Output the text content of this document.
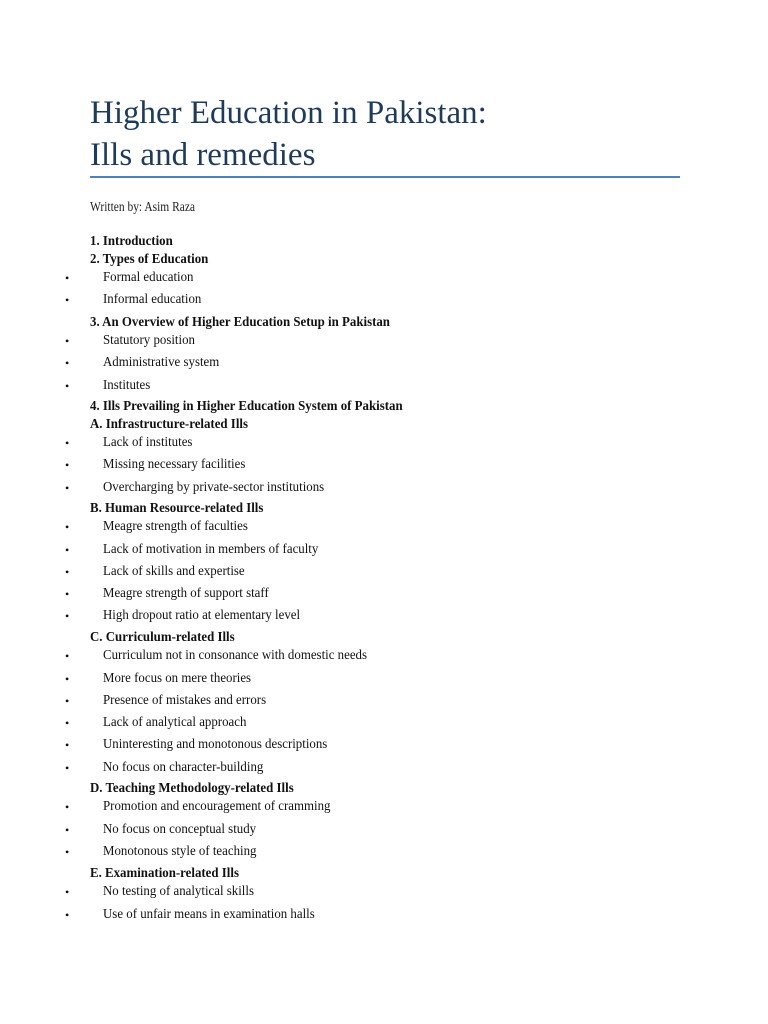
Higher Education in Pakistan:
Ills and remedies
Written by: Asim Raza
1. Introduction
2. Types of Education
• Formal education
• Informal education
3. An Overview of Higher Education Setup in Pakistan
• Statutory position
• Administrative system
• Institutes
4. Ills Prevailing in Higher Education System of Pakistan
A. Infrastructure-related Ills
• Lack of institutes
• Missing necessary facilities
• Overcharging by private-sector institutions
B. Human Resource-related Ills
• Meagre strength of faculties
• Lack of motivation in members of faculty
• Lack of skills and expertise
• Meagre strength of support staff
• High dropout ratio at elementary level
C. Curriculum-related Ills
• Curriculum not in consonance with domestic needs
• More focus on mere theories
• Presence of mistakes and errors
• Lack of analytical approach
• Uninteresting and monotonous descriptions
• No focus on character-building
D. Teaching Methodology-related Ills
• Promotion and encouragement of cramming
• No focus on conceptual study
• Monotonous style of teaching
E. Examination-related Ills
• No testing of analytical skills
• Use of unfair means in examination halls
